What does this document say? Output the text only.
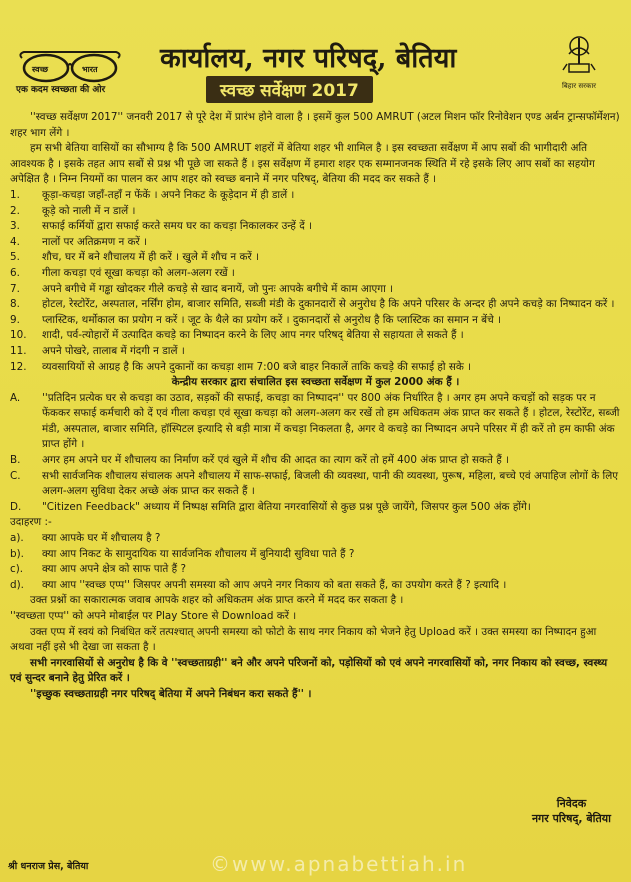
स्वच्छ	भारत
एक कदम स्वच्छता की ओर
कार्यालय, नगर परिषद्, बेतिया
स्वच्छ सर्वेक्षण 2017	बिहार सरकार

''स्वच्छ सर्वेक्षण 2017'' जनवरी 2017 से पूरे देश में प्रारंभ होने वाला है । इसमें कुल 500 AMRUT (अटल मिशन फॉर रिनोवेशन एण्ड अर्बन ट्रान्सफॉर्मेशन) शहर भाग लेंगे ।

हम सभी बेतिया वासियों का सौभाग्य है कि 500 AMRUT शहरों में बेतिया शहर भी शामिल है । इस स्वच्छता सर्वेक्षण में आप सबों की भागीदारी अति आवश्यक है । इसके तहत आप सबों से प्रश्न भी पूछे जा सकते हैं । इस सर्वेक्षण में हमारा शहर एक सम्मानजनक स्थिति में रहे इसके लिए आप सबों का सहयोग अपेक्षित है । निम्न नियमों का पालन कर आप शहर को स्वच्छ बनाने में नगर परिषद्, बेतिया की मदद कर सकते हैं ।

1.	कूड़ा-कचड़ा जहाँ-तहाँ न फेंकें । अपने निकट के कूड़ेदान में ही डालें ।
2.	कूड़े को नाली में न डालें ।
3.	सफाई कर्मियों द्वारा सफाई करते समय घर का कचड़ा निकालकर उन्हें दें ।
4.	नालों पर अतिक्रमण न करें ।
5.	शौच, घर में बने शौचालय में ही करें । खुले में शौच न करें ।
6.	गीला कचड़ा एवं सूखा कचड़ा को अलग-अलग रखें ।
7.	अपने बगीचे में गड्ढा खोदकर गीले कचड़े से खाद बनायें, जो पुनः आपके बगीचे में काम आएगा ।
8.	होटल, रेस्टोरेंट, अस्पताल, नर्सिंग होम, बाजार समिति, सब्जी मंडी के दुकानदारों से अनुरोध है कि अपने परिसर के अन्दर ही अपने कचड़े का निष्पादन करें ।
9.	प्लास्टिक, थर्मोकाल का प्रयोग न करें । जूट के थैले का प्रयोग करें । दुकानदारों से अनुरोध है कि प्लास्टिक का समान न बेंचे ।
10.	शादी, पर्व-त्योहारों में उत्पादित कचड़े का निष्पादन करने के लिए आप नगर परिषद् बेतिया से सहायता ले सकते हैं ।
11.	अपने पोखरे, तालाब में गंदगी न डालें ।
12.	व्यवसायियों से आग्रह है कि अपने दुकानों का कचड़ा शाम 7:00 बजे बाहर निकालें ताकि कचड़े की सफाई हो सके ।

केन्द्रीय सरकार द्वारा संचालित इस स्वच्छता सर्वेक्षण में कुल 2000 अंक हैं ।

A.	''प्रतिदिन प्रत्येक घर से कचड़ा का उठाव, सड़कों की सफाई, कचड़ा का निष्पादन'' पर 800 अंक निर्धारित है । अगर हम अपने कचड़ों को सड़क पर न फेंककर सफाई कर्मचारी को दें एवं गीला कचड़ा एवं सूखा कचड़ा को अलग-अलग कर रखें तो हम अधिकतम अंक प्राप्त कर सकते हैं । होटल, रेस्टोरेंट, सब्जी मंडी, अस्पताल, बाजार समिति, हॉस्पिटल इत्यादि से बड़ी मात्रा में कचड़ा निकलता है, अगर वे कचड़े का निष्पादन अपने परिसर में ही करें तो हम काफी अंक प्राप्त होंगे ।
B.	अगर हम अपने घर में शौचालय का निर्माण करें एवं खुले में शौच की आदत का त्याग करें तो हमें 400 अंक प्राप्त हो सकते हैं ।
C.	सभी सार्वजनिक शौचालय संचालक अपने शौचालय में साफ-सफाई, बिजली की व्यवस्था, पानी की व्यवस्था, पुरूष, महिला, बच्चे एवं अपाहिज लोगों के लिए अलग-अलग सुविधा देकर अच्छे अंक प्राप्त कर सकते हैं ।
D.	"Citizen Feedback" अध्याय में निष्पक्ष समिति द्वारा बेतिया नगरवासियों से कुछ प्रश्न पूछे जायेंगे, जिसपर कुल 500 अंक होंगे।

उदाहरण :-

a).	क्या आपके घर में शौचालय है ?
b).	क्या आप निकट के सामुदायिक या सार्वजनिक शौचालय में बुनियादी सुविधा पाते हैं ?
c).	क्या आप अपने क्षेत्र को साफ पाते हैं ?
d).	क्या आप ''स्वच्छ एप्प'' जिसपर अपनी समस्या को आप अपने नगर निकाय को बता सकते हैं, का उपयोग करते हैं ? इत्यादि ।

उक्त प्रश्नों का सकारात्मक जवाब आपके शहर को अधिकतम अंक प्राप्त करने में मदद कर सकता है ।

''स्वच्छता एप्प'' को अपने मोबाईल पर Play Store से Download करें ।

उक्त एप्प में स्वयं को निबंधित करें तत्पश्चात् अपनी समस्या को फोटो के साथ नगर निकाय को भेजने हेतु Upload करें । उक्त समस्या का निष्पादन हुआ अथवा नहीं इसे भी देखा जा सकता है ।

सभी नगरवासियों से अनुरोध है कि वे ''स्वच्छताग्रही'' बने और अपने परिजनों को, पड़ोसियों को एवं अपने नगरवासियों को, नगर निकाय को स्वच्छ, स्वस्थ्य एवं सुन्दर बनाने हेतु प्रेरित करें ।

''इच्छुक स्वच्छताग्रही नगर परिषद् बेतिया में अपने निबंधन करा सकते हैं'' ।

निवेदक
नगर परिषद्, बेतिया
श्री धनराज प्रेस, बेतिया	©www.apnabettiah.in
